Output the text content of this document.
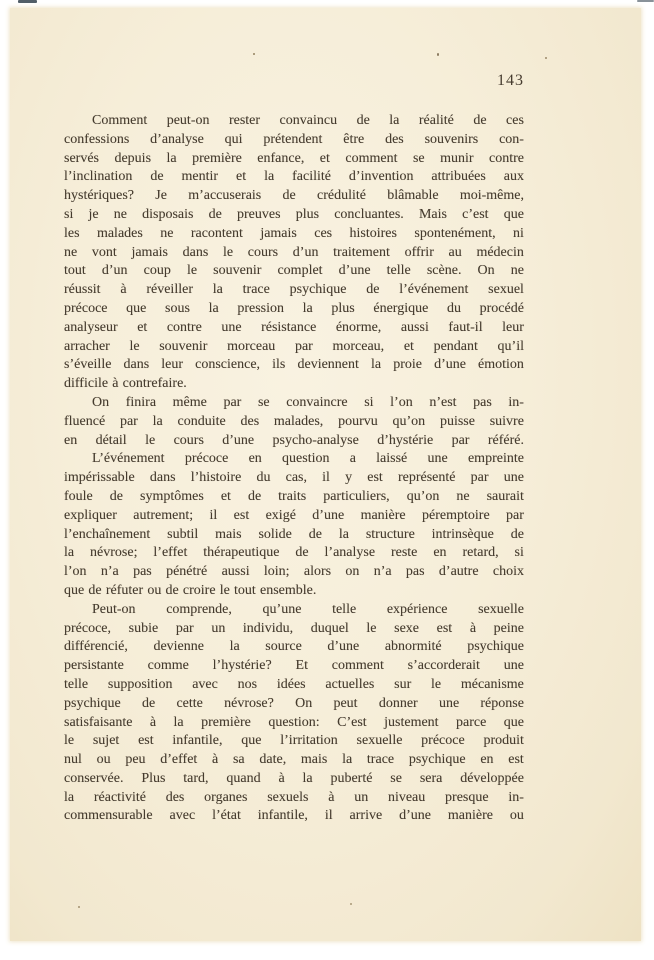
143
Comment peut-on rester convaincu de la réalité de ces
confessions d’analyse qui prétendent être des souvenirs con-
servés depuis la première enfance, et comment se munir contre
l’inclination de mentir et la facilité d’invention attribuées aux
hystériques? Je m’accuserais de crédulité blâmable moi-même,
si je ne disposais de preuves plus concluantes. Mais c’est que
les malades ne racontent jamais ces histoires spontenément, ni
ne vont jamais dans le cours d’un traitement offrir au médecin
tout d’un coup le souvenir complet d’une telle scène. On ne
réussit à réveiller la trace psychique de l’événement sexuel
précoce que sous la pression la plus énergique du procédé
analyseur et contre une résistance énorme, aussi faut-il leur
arracher le souvenir morceau par morceau, et pendant qu’il
s’éveille dans leur conscience, ils deviennent la proie d’une émotion
difficile à contrefaire.
On finira même par se convaincre si l’on n’est pas in-
fluencé par la conduite des malades, pourvu qu’on puisse suivre
en détail le cours d’une psycho-analyse d’hystérie par référé.
L’événement précoce en question a laissé une empreinte
impérissable dans l’histoire du cas, il y est représenté par une
foule de symptômes et de traits particuliers, qu’on ne saurait
expliquer autrement; il est exigé d’une manière péremptoire par
l’enchaînement subtil mais solide de la structure intrinsèque de
la névrose; l’effet thérapeutique de l’analyse reste en retard, si
l’on n’a pas pénétré aussi loin; alors on n’a pas d’autre choix
que de réfuter ou de croire le tout ensemble.
Peut-on comprende, qu’une telle expérience sexuelle
précoce, subie par un individu, duquel le sexe est à peine
différencié, devienne la source d’une abnormité psychique
persistante comme l’hystérie? Et comment s’accorderait une
telle supposition avec nos idées actuelles sur le mécanisme
psychique de cette névrose? On peut donner une réponse
satisfaisante à la première question: C’est justement parce que
le sujet est infantile, que l’irritation sexuelle précoce produit
nul ou peu d’effet à sa date, mais la trace psychique en est
conservée. Plus tard, quand à la puberté se sera développée
la réactivité des organes sexuels à un niveau presque in-
commensurable avec l’état infantile, il arrive d’une manière ou
